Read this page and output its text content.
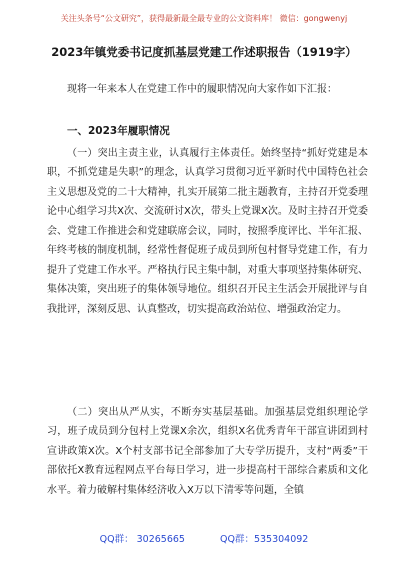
关注头条号“公文研究”，获得最新最全最专业的公文资料库！ 微信：gongwenyj
2023年镇党委书记度抓基层党建工作述职报告（1919字）
现将一年来本人在党建工作中的履职情况向大家作如下汇报：
一、2023年履职情况
（一）突出主责主业，认真履行主体责任。始终坚持“抓好党建是本职，不抓党建是失职”的理念，认真学习贯彻习近平新时代中国特色社会主义思想及党的二十大精神，扎实开展第二批主题教育，主持召开党委理论中心组学习共X次、交流研讨X次，带头上党课X次。及时主持召开党委会、党建工作推进会和党建联席会议，同时，按照季度评比、半年汇报、年终考核的制度机制，经常性督促班子成员到所包村督导党建工作，有力提升了党建工作水平。严格执行民主集中制，对重大事项坚持集体研究、集体决策，突出班子的集体领导地位。组织召开民主生活会开展批评与自我批评，深刻反思、认真整改，切实提高政治站位、增强政治定力。
（二）突出从严从实，不断夯实基层基础。加强基层党组织理论学习，班子成员到分包村上党课X余次，组织X名优秀青年干部宣讲团到村宣讲政策X次。X个村支部书记全部参加了大专学历提升，支村“两委”干部依托X教育远程网点平台每日学习，进一步提高村干部综合素质和文化水平。着力破解村集体经济收入X万以下清零等问题，全镇
QQ群： 30265665	QQ群：535304092
